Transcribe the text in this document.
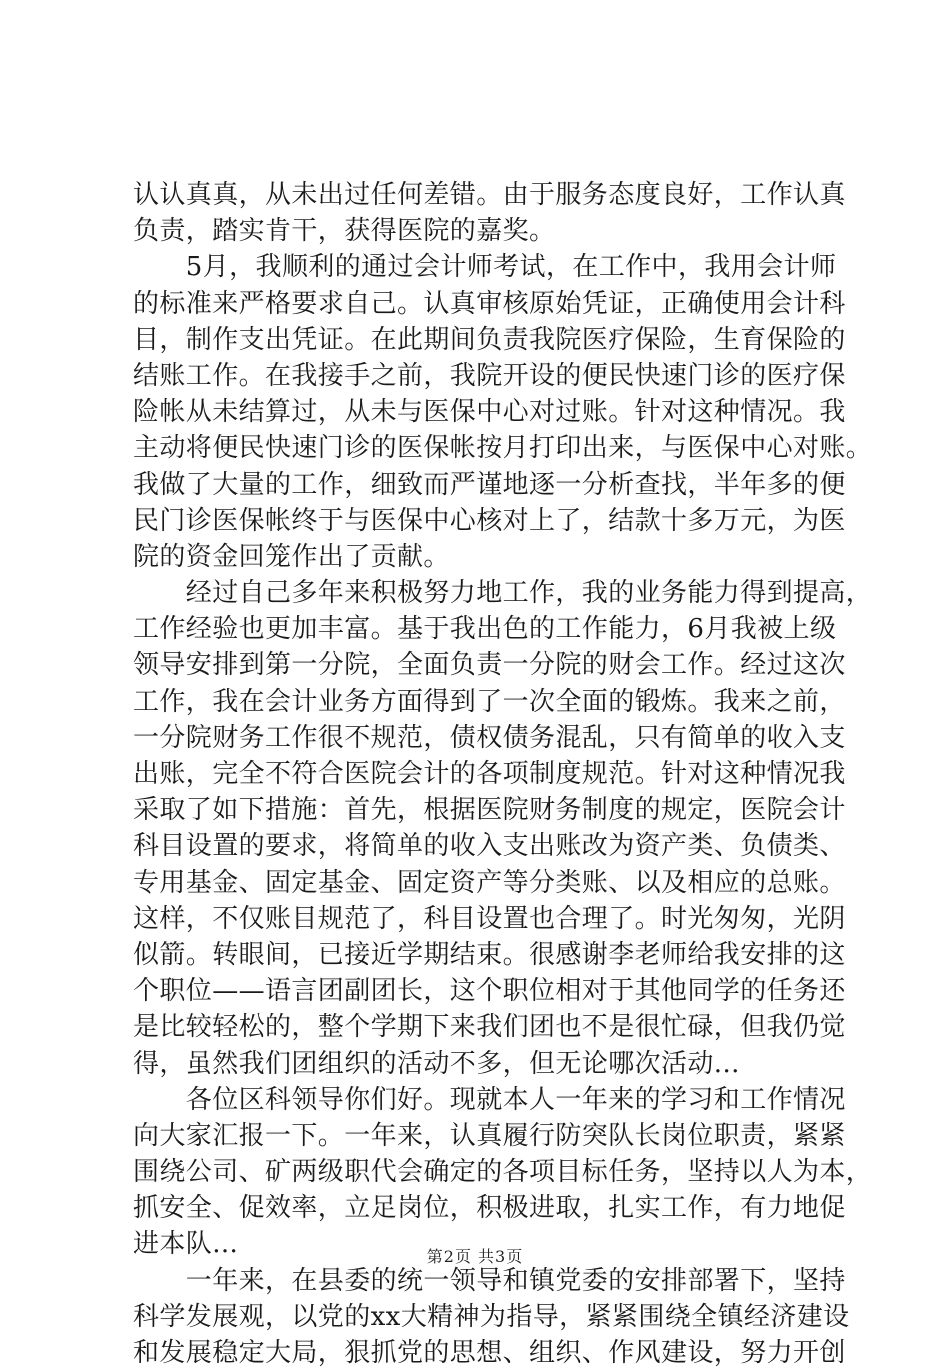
认认真真，从未出过任何差错。由于服务态度良好，工作认真
负责，踏实肯干，获得医院的嘉奖。
　　5月，我顺利的通过会计师考试，在工作中，我用会计师
的标准来严格要求自己。认真审核原始凭证，正确使用会计科
目，制作支出凭证。在此期间负责我院医疗保险，生育保险的
结账工作。在我接手之前，我院开设的便民快速门诊的医疗保
险帐从未结算过，从未与医保中心对过账。针对这种情况。我
主动将便民快速门诊的医保帐按月打印出来，与医保中心对账。
我做了大量的工作，细致而严谨地逐一分析查找，半年多的便
民门诊医保帐终于与医保中心核对上了，结款十多万元，为医
院的资金回笼作出了贡献。
　　经过自己多年来积极努力地工作，我的业务能力得到提高，
工作经验也更加丰富。基于我出色的工作能力，6月我被上级
领导安排到第一分院，全面负责一分院的财会工作。经过这次
工作，我在会计业务方面得到了一次全面的锻炼。我来之前，
一分院财务工作很不规范，债权债务混乱，只有简单的收入支
出账，完全不符合医院会计的各项制度规范。针对这种情况我
采取了如下措施：首先，根据医院财务制度的规定，医院会计
科目设置的要求，将简单的收入支出账改为资产类、负债类、
专用基金、固定基金、固定资产等分类账、以及相应的总账。
这样，不仅账目规范了，科目设置也合理了。时光匆匆，光阴
似箭。转眼间，已接近学期结束。很感谢李老师给我安排的这
个职位——语言团副团长，这个职位相对于其他同学的任务还
是比较轻松的，整个学期下来我们团也不是很忙碌，但我仍觉
得，虽然我们团组织的活动不多，但无论哪次活动...
　　各位区科领导你们好。现就本人一年来的学习和工作情况
向大家汇报一下。一年来，认真履行防突队长岗位职责，紧紧
围绕公司、矿两级职代会确定的各项目标任务，坚持以人为本，
抓安全、促效率，立足岗位，积极进取，扎实工作，有力地促
进本队...
　　一年来，在县委的统一领导和镇党委的安排部署下，坚持
科学发展观，以党的xx大精神为指导，紧紧围绕全镇经济建设
和发展稳定大局，狠抓党的思想、组织、作风建设，努力开创
第2页 共3页
